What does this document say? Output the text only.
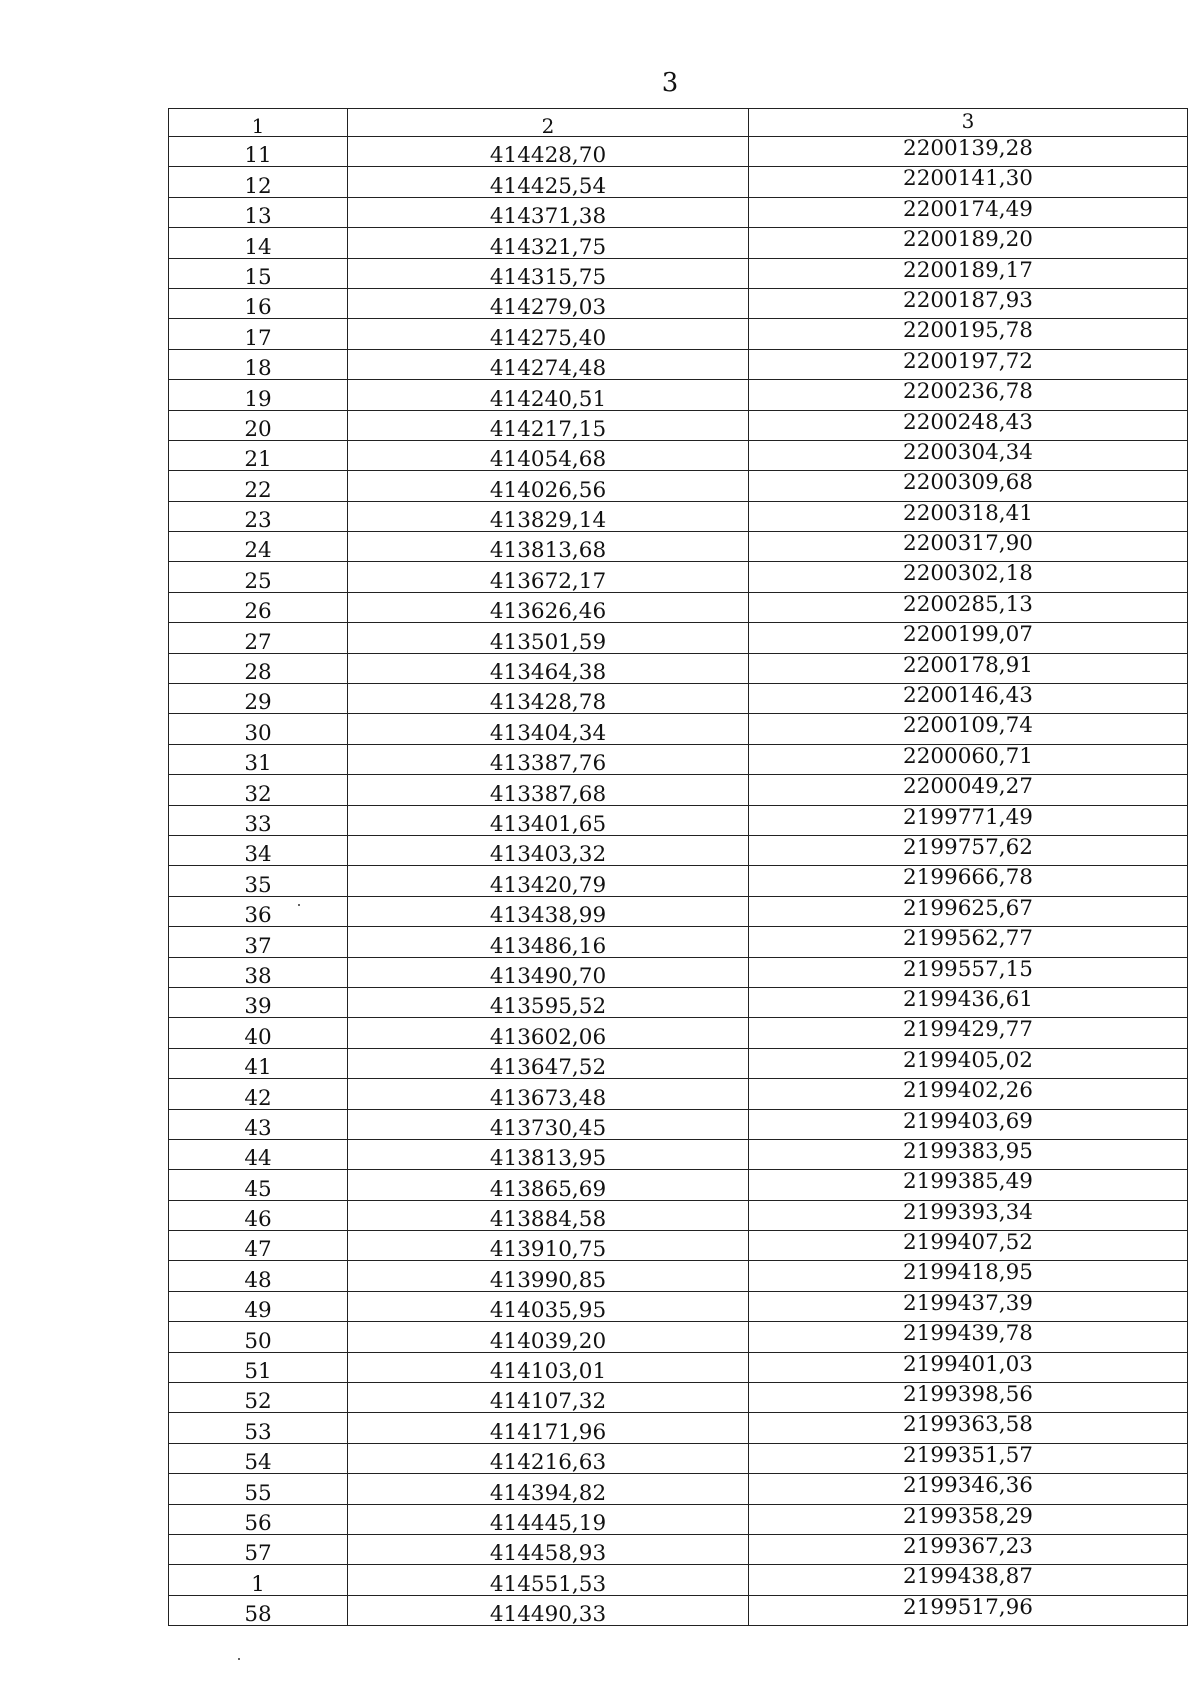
3
1	2	3
11	414428,70	2200139,28
12	414425,54	2200141,30
13	414371,38	2200174,49
14	414321,75	2200189,20
15	414315,75	2200189,17
16	414279,03	2200187,93
17	414275,40	2200195,78
18	414274,48	2200197,72
19	414240,51	2200236,78
20	414217,15	2200248,43
21	414054,68	2200304,34
22	414026,56	2200309,68
23	413829,14	2200318,41
24	413813,68	2200317,90
25	413672,17	2200302,18
26	413626,46	2200285,13
27	413501,59	2200199,07
28	413464,38	2200178,91
29	413428,78	2200146,43
30	413404,34	2200109,74
31	413387,76	2200060,71
32	413387,68	2200049,27
33	413401,65	2199771,49
34	413403,32	2199757,62
35	413420,79	2199666,78
36	413438,99	2199625,67
37	413486,16	2199562,77
38	413490,70	2199557,15
39	413595,52	2199436,61
40	413602,06	2199429,77
41	413647,52	2199405,02
42	413673,48	2199402,26
43	413730,45	2199403,69
44	413813,95	2199383,95
45	413865,69	2199385,49
46	413884,58	2199393,34
47	413910,75	2199407,52
48	413990,85	2199418,95
49	414035,95	2199437,39
50	414039,20	2199439,78
51	414103,01	2199401,03
52	414107,32	2199398,56
53	414171,96	2199363,58
54	414216,63	2199351,57
55	414394,82	2199346,36
56	414445,19	2199358,29
57	414458,93	2199367,23
1	414551,53	2199438,87
58	414490,33	2199517,96
